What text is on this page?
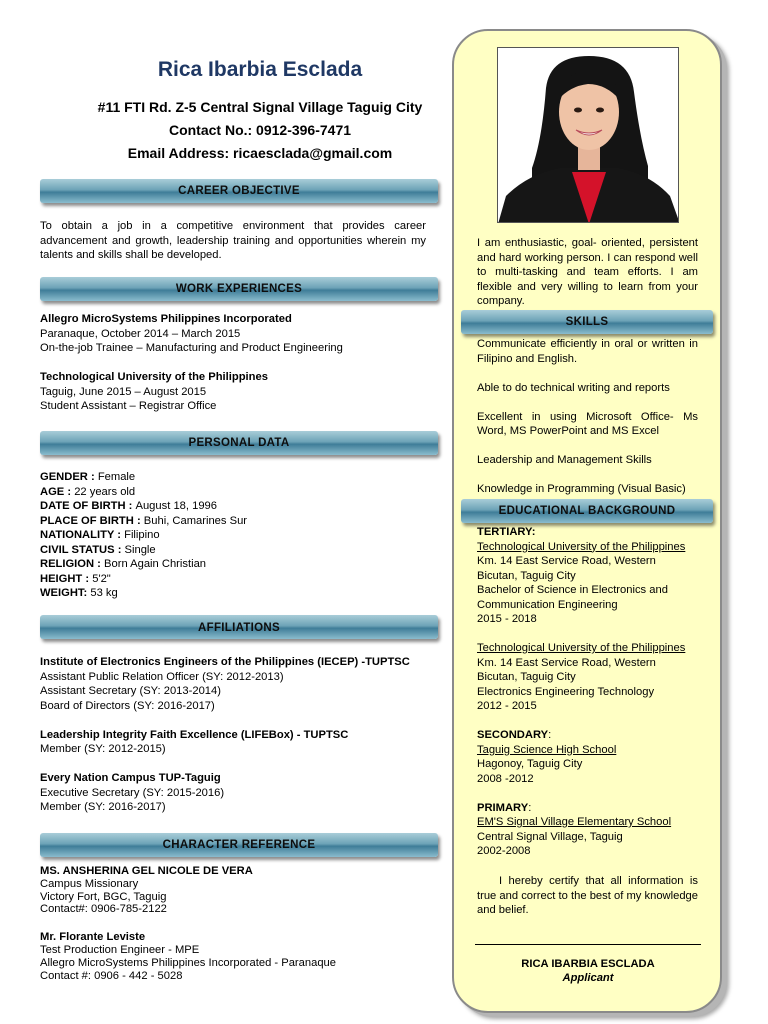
Rica Ibarbia Esclada
#11 FTI Rd. Z-5 Central Signal Village Taguig City
Contact No.: 0912-396-7471
Email Address: ricaesclada@gmail.com
CAREER OBJECTIVE
To obtain a job in a competitive environment that provides career advancement and growth, leadership training and opportunities wherein my talents and skills shall be developed.
WORK EXPERIENCES
Allegro MicroSystems Philippines Incorporated
Paranaque, October 2014 – March 2015
On-the-job Trainee – Manufacturing and Product Engineering
Technological University of the Philippines
Taguig, June 2015 – August 2015
Student Assistant – Registrar Office
PERSONAL DATA
GENDER : Female
AGE : 22 years old
DATE OF BIRTH : August 18, 1996
PLACE OF BIRTH : Buhi, Camarines Sur
NATIONALITY : Filipino
CIVIL STATUS : Single
RELIGION : Born Again Christian
HEIGHT : 5'2"
WEIGHT: 53 kg
AFFILIATIONS
Institute of Electronics Engineers of the Philippines (IECEP) -TUPTSC
Assistant Public Relation Officer (SY: 2012-2013)
Assistant Secretary (SY: 2013-2014)
Board of Directors (SY: 2016-2017)
Leadership Integrity Faith Excellence (LIFEBox) - TUPTSC
Member (SY: 2012-2015)
Every Nation Campus TUP-Taguig
Executive Secretary (SY: 2015-2016)
Member (SY: 2016-2017)
CHARACTER REFERENCE
MS. ANSHERINA GEL NICOLE DE VERA
Campus Missionary
Victory Fort, BGC, Taguig
Contact#: 0906-785-2122
Mr. Florante Leviste
Test Production Engineer - MPE
Allegro MicroSystems Philippines Incorporated - Paranaque
Contact #: 0906 - 442 - 5028
I am enthusiastic, goal- oriented, persistent and hard working person. I can respond well to multi-tasking and team efforts. I am flexible and very willing to learn from your company.
SKILLS
Communicate efficiently in oral or written in Filipino and English.
Able to do technical writing and reports
Excellent in using Microsoft Office- Ms Word, MS PowerPoint and MS Excel
Leadership and Management Skills
Knowledge in Programming (Visual Basic)
EDUCATIONAL BACKGROUND
TERTIARY:
Technological University of the Philippines
Km. 14 East Service Road, Western Bicutan, Taguig City
Bachelor of Science in Electronics and Communication Engineering
2015 - 2018
Technological University of the Philippines
Km. 14 East Service Road, Western Bicutan, Taguig City
Electronics Engineering Technology
2012 - 2015
SECONDARY:
Taguig Science High School
Hagonoy, Taguig City
2008 -2012
PRIMARY:
EM'S Signal Village Elementary School
Central Signal Village, Taguig
2002-2008
I hereby certify that all information is true and correct to the best of my knowledge and belief.
RICA IBARBIA ESCLADA
Applicant
